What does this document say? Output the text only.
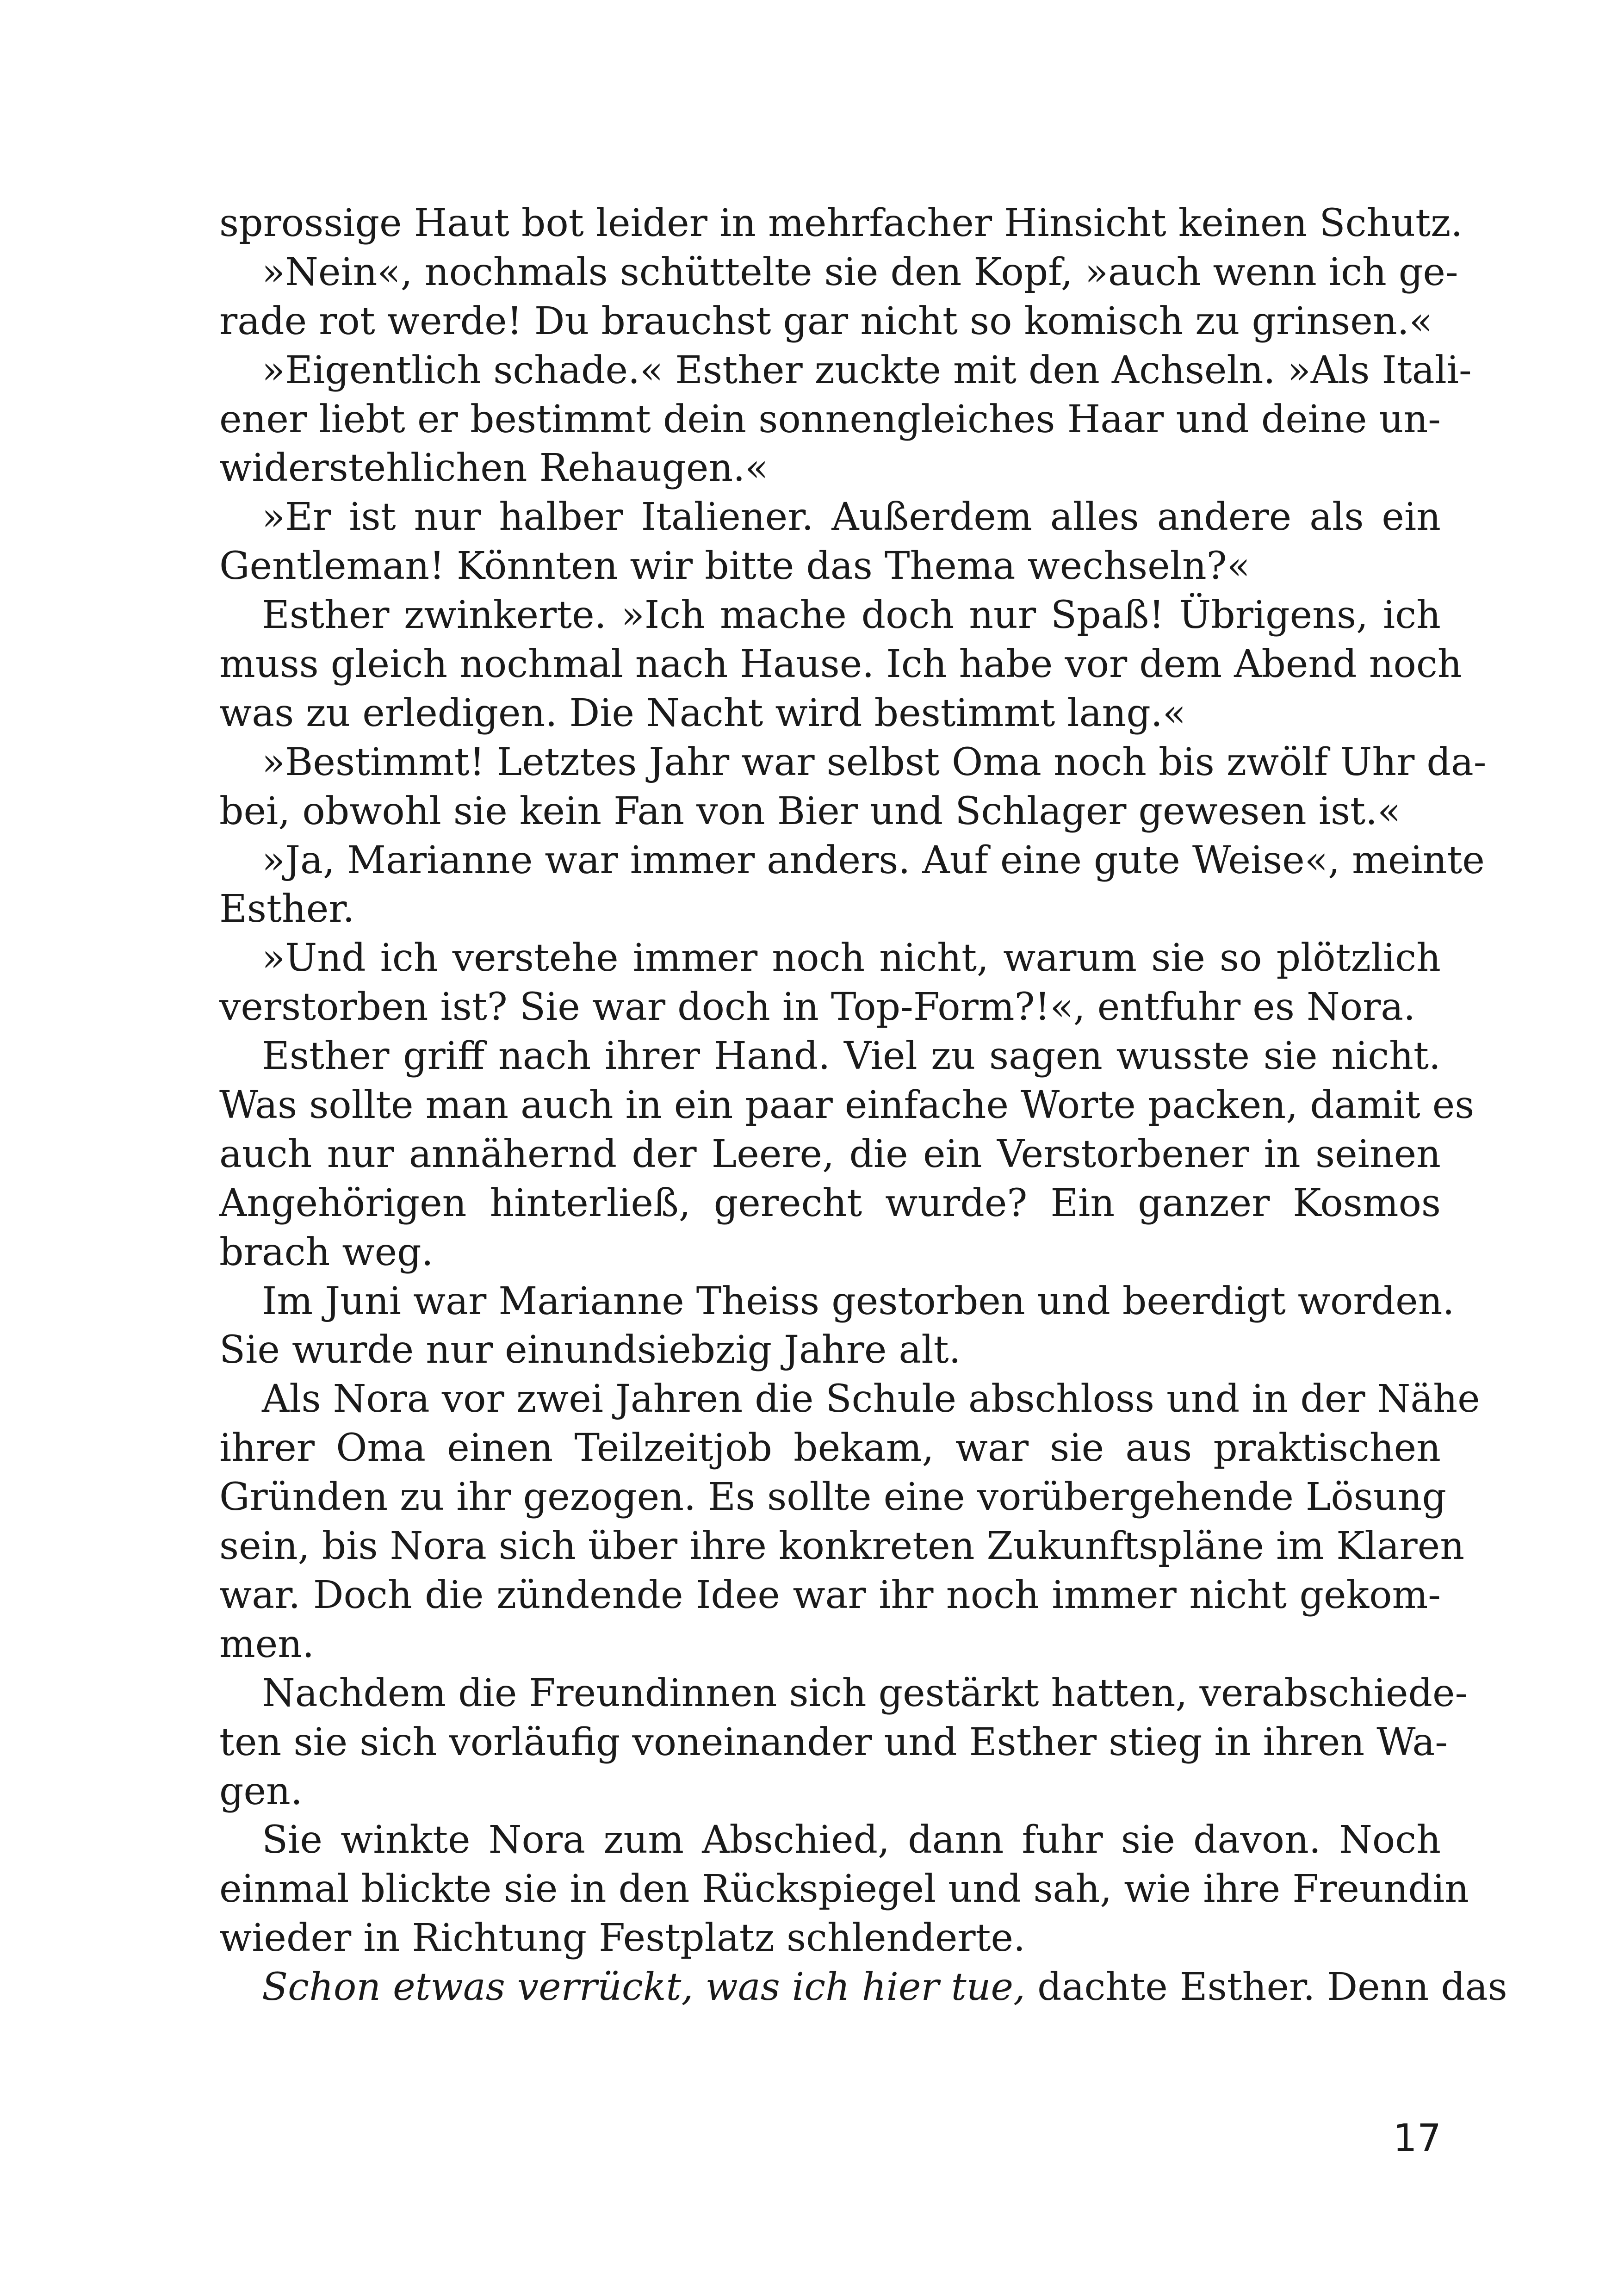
sprossige Haut bot leider in mehrfacher Hinsicht keinen Schutz.
»Nein«, nochmals schüttelte sie den Kopf, »auch wenn ich ge-
rade rot werde! Du brauchst gar nicht so komisch zu grinsen.«
»Eigentlich schade.« Esther zuckte mit den Achseln. »Als Itali-
ener liebt er bestimmt dein sonnengleiches Haar und deine un-
widerstehlichen Rehaugen.«
»Er ist nur halber Italiener. Außerdem alles andere als ein
Gentleman! Könnten wir bitte das Thema wechseln?«
Esther zwinkerte. »Ich mache doch nur Spaß! Übrigens, ich
muss gleich nochmal nach Hause. Ich habe vor dem Abend noch
was zu erledigen. Die Nacht wird bestimmt lang.«
»Bestimmt! Letztes Jahr war selbst Oma noch bis zwölf Uhr da-
bei, obwohl sie kein Fan von Bier und Schlager gewesen ist.«
»Ja, Marianne war immer anders. Auf eine gute Weise«, meinte
Esther.
»Und ich verstehe immer noch nicht, warum sie so plötzlich
verstorben ist? Sie war doch in Top-Form?!«, entfuhr es Nora.
Esther griff nach ihrer Hand. Viel zu sagen wusste sie nicht.
Was sollte man auch in ein paar einfache Worte packen, damit es
auch nur annähernd der Leere, die ein Verstorbener in seinen
Angehörigen hinterließ, gerecht wurde? Ein ganzer Kosmos
brach weg.
Im Juni war Marianne Theiss gestorben und beerdigt worden.
Sie wurde nur einundsiebzig Jahre alt.
Als Nora vor zwei Jahren die Schule abschloss und in der Nähe
ihrer Oma einen Teilzeitjob bekam, war sie aus praktischen
Gründen zu ihr gezogen. Es sollte eine vorübergehende Lösung
sein, bis Nora sich über ihre konkreten Zukunftspläne im Klaren
war. Doch die zündende Idee war ihr noch immer nicht gekom-
men.
Nachdem die Freundinnen sich gestärkt hatten, verabschiede-
ten sie sich vorläufig voneinander und Esther stieg in ihren Wa-
gen.
Sie winkte Nora zum Abschied, dann fuhr sie davon. Noch
einmal blickte sie in den Rückspiegel und sah, wie ihre Freundin
wieder in Richtung Festplatz schlenderte.
Schon etwas verrückt, was ich hier tue, dachte Esther. Denn das
17
